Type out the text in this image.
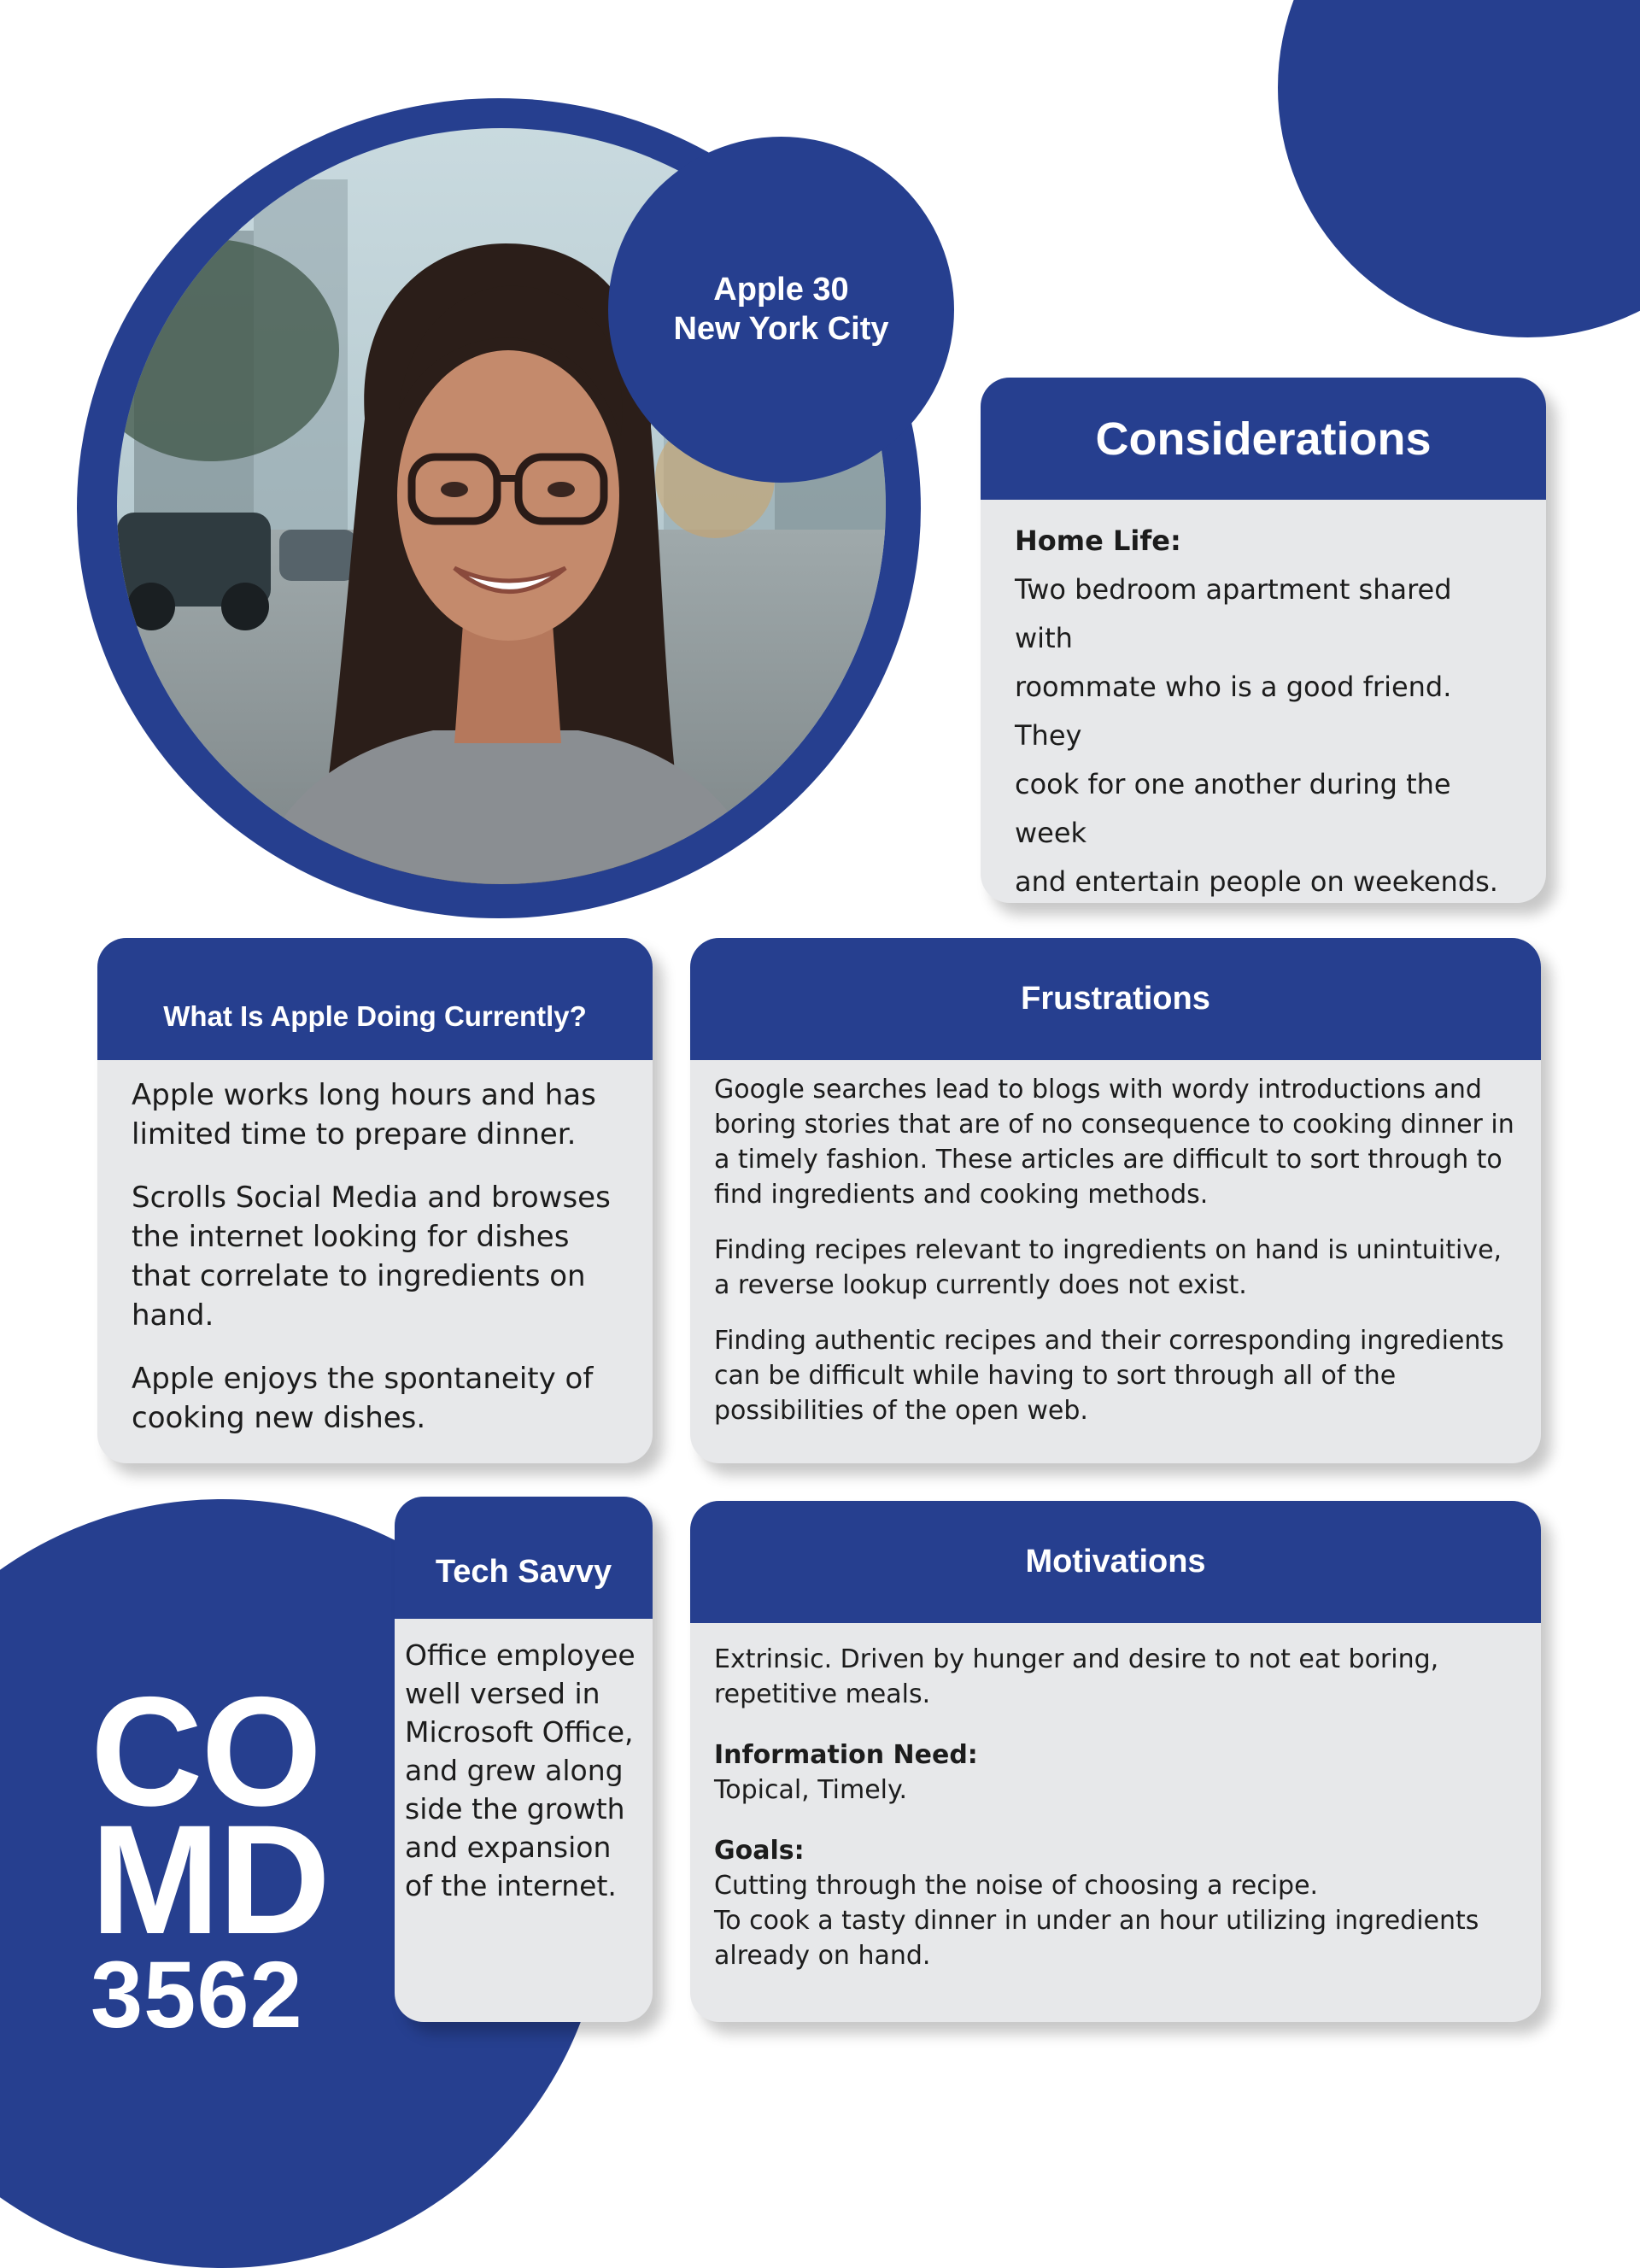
Apple 30
New York City
Considerations

Home Life:

Two bedroom apartment shared with

roommate who is a good friend. They

cook for one another during the week

and entertain people on weekends.

What Is Apple Doing Currently?

Apple works long hours and has limited time to prepare dinner.

Scrolls Social Media and browses the internet looking for dishes that correlate to ingredients on hand.

Apple enjoys the spontaneity of cooking new dishes.

Frustrations

Google searches lead to blogs with wordy introductions and boring stories that are of no consequence to cooking dinner in a timely fashion. These articles are difficult to sort through to find ingredients and cooking methods.

Finding recipes relevant to ingredients on hand is unintuitive, a reverse lookup currently does not exist.

Finding authentic recipes and their corresponding ingredients can be difficult while having to sort through all of the possibilities of the open web.

Tech Savvy

Office employee well versed in Microsoft Office, and grew along side the growth and expansion of the internet.

Motivations

Extrinsic. Driven by hunger and desire to not eat boring, repetitive meals.

Information Need:

Topical, Timely.

Goals:

Cutting through the noise of choosing a recipe.

To cook a tasty dinner in under an hour utilizing ingredients already on hand.

CO
MD
3562
